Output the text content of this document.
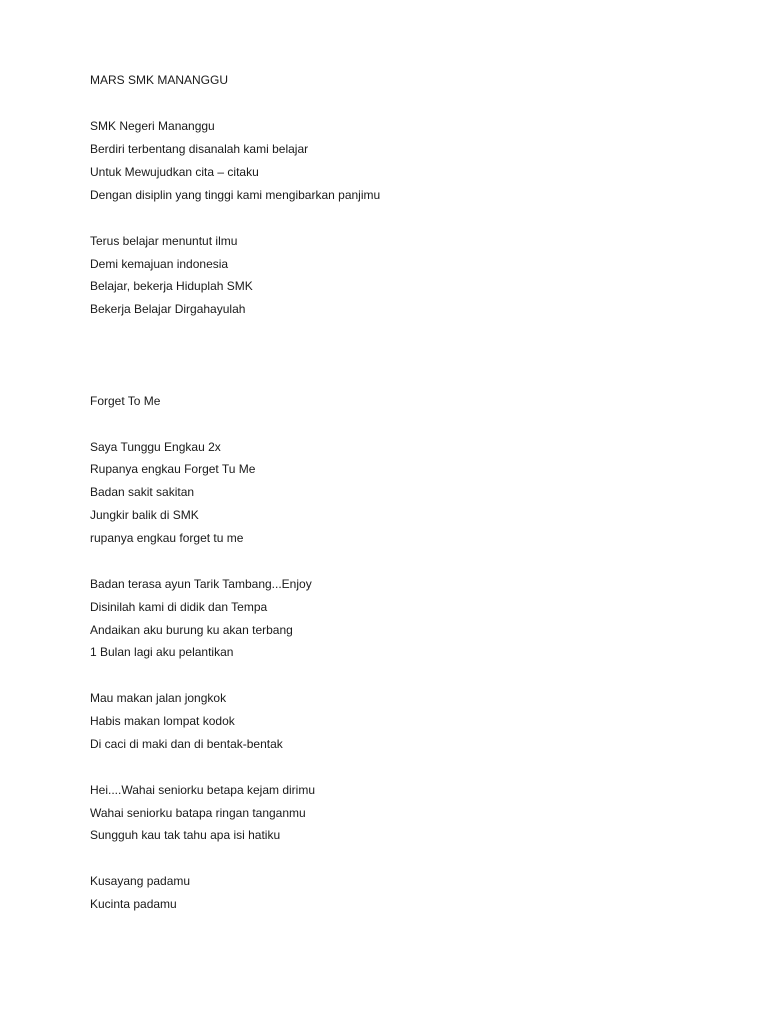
MARS SMK MANANGGU
SMK Negeri Mananggu
Berdiri terbentang disanalah kami belajar
Untuk Mewujudkan cita – citaku
Dengan disiplin yang tinggi kami mengibarkan panjimu
Terus belajar menuntut ilmu
Demi kemajuan indonesia
Belajar, bekerja Hiduplah SMK
Bekerja Belajar Dirgahayulah
Forget To Me
Saya Tunggu Engkau 2x
Rupanya engkau Forget Tu Me
Badan sakit sakitan
Jungkir balik di SMK
rupanya engkau forget tu me
Badan terasa ayun Tarik Tambang...Enjoy
Disinilah kami di didik dan Tempa
Andaikan aku burung ku akan terbang
1 Bulan lagi aku pelantikan
Mau makan jalan jongkok
Habis makan lompat kodok
Di caci di maki dan di bentak-bentak
Hei....Wahai seniorku betapa kejam dirimu
Wahai seniorku batapa ringan tanganmu
Sungguh kau tak tahu apa isi hatiku
Kusayang padamu
Kucinta padamu
